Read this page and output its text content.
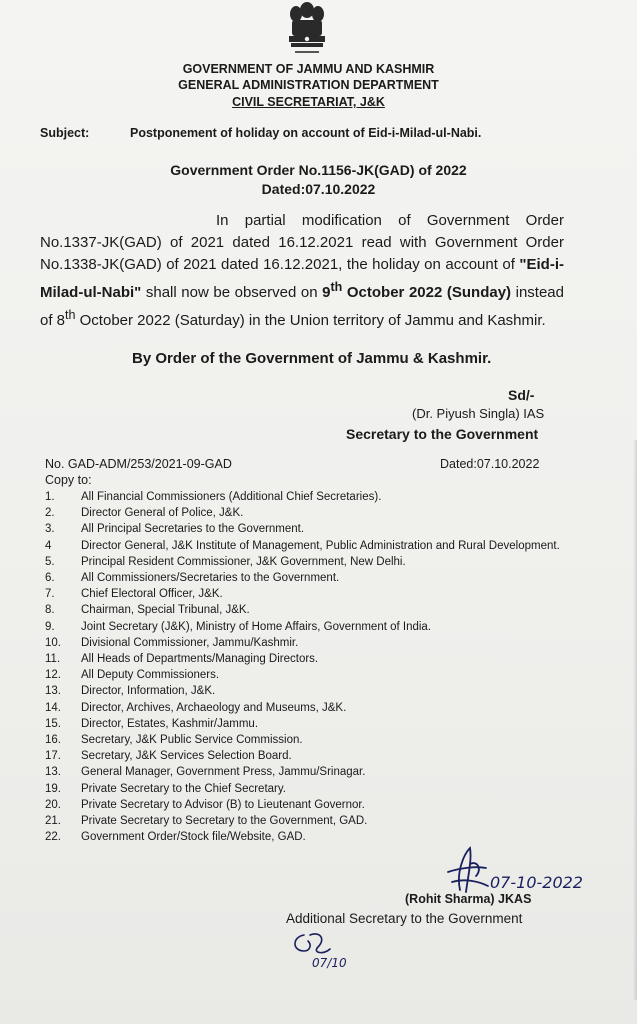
GOVERNMENT OF JAMMU AND KASHMIR
GENERAL ADMINISTRATION DEPARTMENT
CIVIL SECRETARIAT, J&K
Subject:	Postponement of holiday on account of Eid-i-Milad-ul-Nabi.
Government Order No.1156-JK(GAD) of 2022
Dated:07.10.2022
In partial modification of Government Order No.1337-JK(GAD) of 2021 dated 16.12.2021 read with Government Order No.1338-JK(GAD) of 2021 dated 16.12.2021, the holiday on account of "Eid-i-Milad-ul-Nabi" shall now be observed on 9th October 2022 (Sunday) instead of 8th October 2022 (Saturday) in the Union territory of Jammu and Kashmir.
By Order of the Government of Jammu & Kashmir.
Sd/-
(Dr. Piyush Singla) IAS
Secretary to the Government
No. GAD-ADM/253/2021-09-GAD	Dated:07.10.2022
Copy to:
1.	All Financial Commissioners (Additional Chief Secretaries).
2.	Director General of Police, J&K.
3.	All Principal Secretaries to the Government.
4	Director General, J&K Institute of Management, Public Administration and Rural Development.
5.	Principal Resident Commissioner, J&K Government, New Delhi.
6.	All Commissioners/Secretaries to the Government.
7.	Chief Electoral Officer, J&K.
8.	Chairman, Special Tribunal, J&K.
9.	Joint Secretary (J&K), Ministry of Home Affairs, Government of India.
10.	Divisional Commissioner, Jammu/Kashmir.
11.	All Heads of Departments/Managing Directors.
12.	All Deputy Commissioners.
13.	Director, Information, J&K.
14.	Director, Archives, Archaeology and Museums, J&K.
15.	Director, Estates, Kashmir/Jammu.
16.	Secretary, J&K Public Service Commission.
17.	Secretary, J&K Services Selection Board.
13.	General Manager, Government Press, Jammu/Srinagar.
19.	Private Secretary to the Chief Secretary.
20.	Private Secretary to Advisor (B) to Lieutenant Governor.
21.	Private Secretary to Secretary to the Government, GAD.
22.	Government Order/Stock file/Website, GAD.
07-10-2022
(Rohit Sharma) JKAS
Additional Secretary to the Government
07/10
